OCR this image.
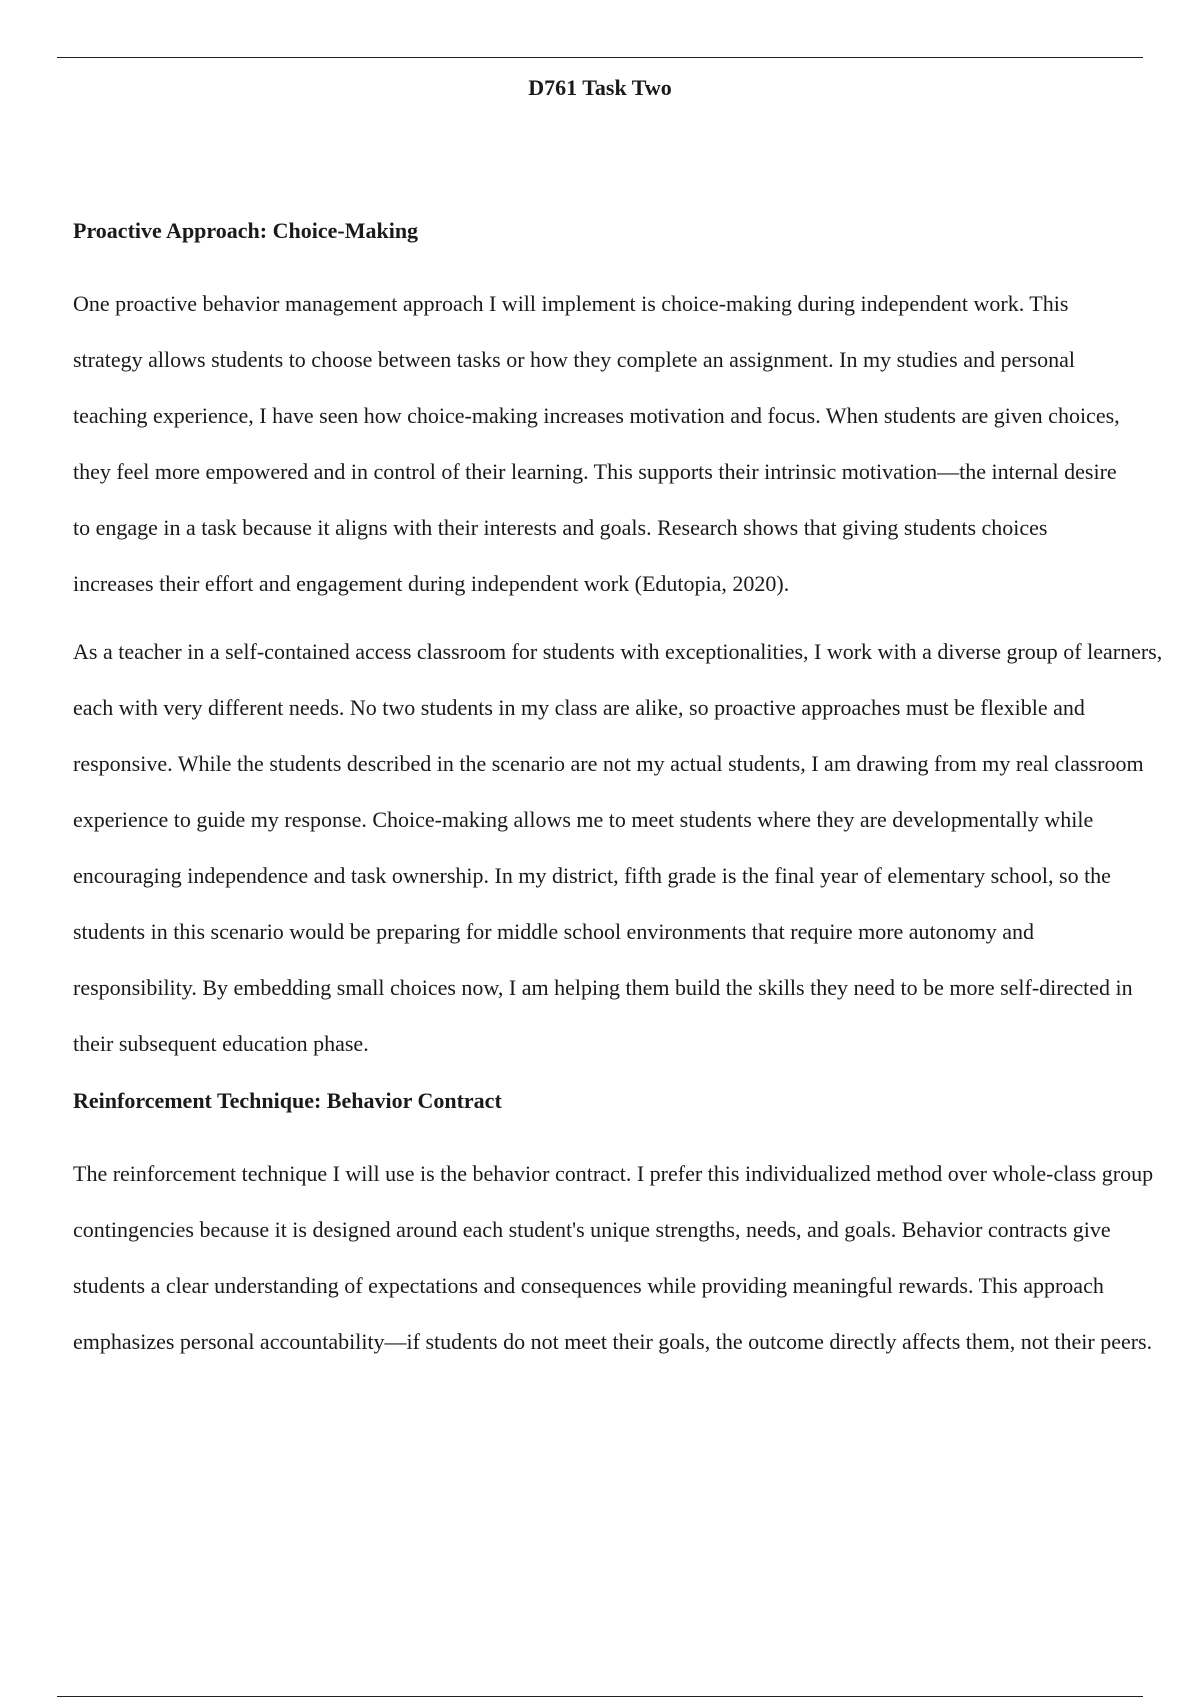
D761 Task Two
Proactive Approach: Choice-Making

One proactive behavior management approach I will implement is choice-making during independent work. This strategy allows students to choose between tasks or how they complete an assignment. In my studies and personal teaching experience, I have seen how choice-making increases motivation and focus. When students are given choices, they feel more empowered and in control of their learning. This supports their intrinsic motivation—the internal desire to engage in a task because it aligns with their interests and goals. Research shows that giving students choices increases their effort and engagement during independent work (Edutopia, 2020).

As a teacher in a self-contained access classroom for students with exceptionalities, I work with a diverse group of learners, each with very different needs. No two students in my class are alike, so proactive approaches must be flexible and responsive. While the students described in the scenario are not my actual students, I am drawing from my real classroom experience to guide my response. Choice-making allows me to meet students where they are developmentally while encouraging independence and task ownership. In my district, fifth grade is the final year of elementary school, so the students in this scenario would be preparing for middle school environments that require more autonomy and responsibility. By embedding small choices now, I am helping them build the skills they need to be more self-directed in their subsequent education phase.

Reinforcement Technique: Behavior Contract

The reinforcement technique I will use is the behavior contract. I prefer this individualized method over whole-class group contingencies because it is designed around each student's unique strengths, needs, and goals. Behavior contracts give students a clear understanding of expectations and consequences while providing meaningful rewards. This approach emphasizes personal accountability—if students do not meet their goals, the outcome directly affects them, not their peers.
